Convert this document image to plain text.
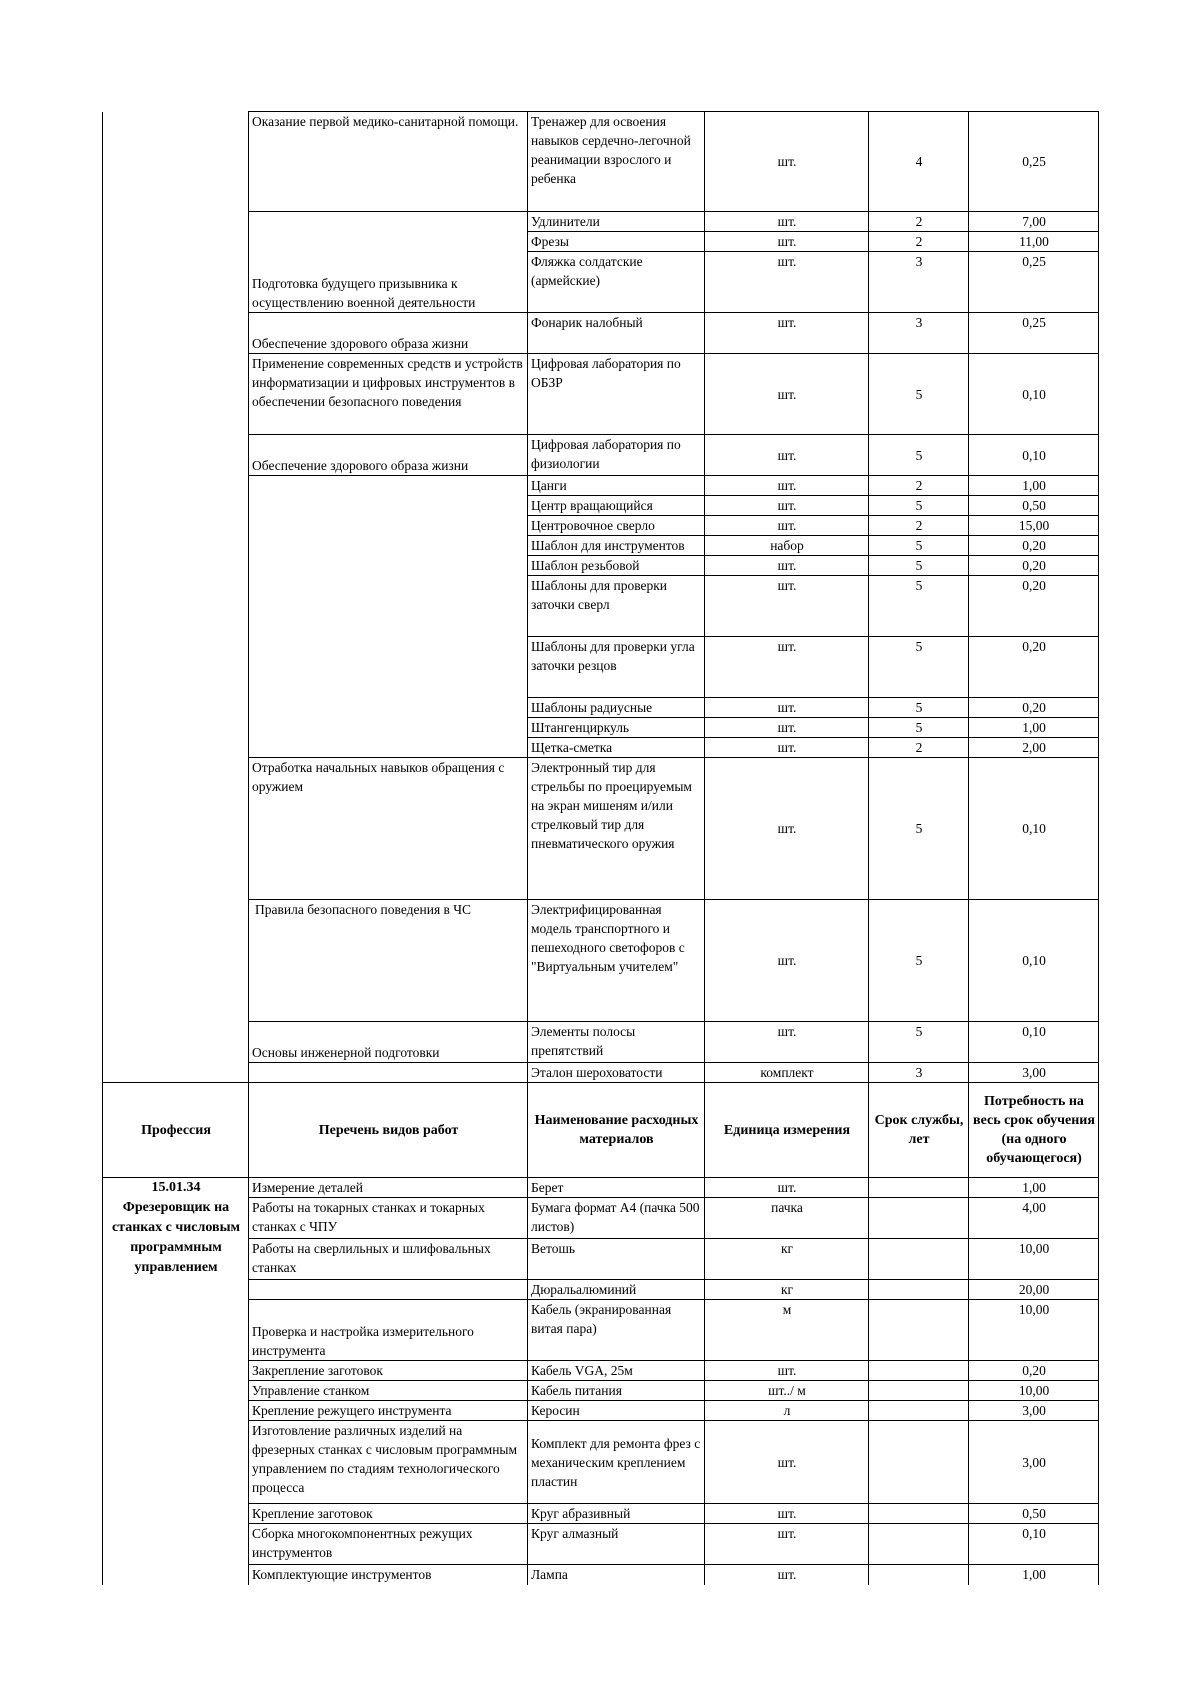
	Оказание первой медико-санитарной помощи.	Тренажер для освоения навыков сердечно-легочной реанимации взрослого и ребенка	шт.	4	0,25
	Подготовка будущего призывника к осуществлению военной деятельности	Удлинители	шт.	2	7,00
		Фрезы	шт.	2	11,00
		Фляжка солдатские (армейские)	шт.	3	0,25
	Обеспечение здорового образа жизни	Фонарик налобный	шт.	3	0,25
	Применение современных средств и устройств информатизации и цифровых инструментов в обеспечении безопасного поведения	Цифровая лаборатория по ОБЗР	шт.	5	0,10
	Обеспечение здорового образа жизни	Цифровая лаборатория по физиологии	шт.	5	0,10
		Цанги	шт.	2	1,00
		Центр вращающийся	шт.	5	0,50
		Центровочное сверло	шт.	2	15,00
		Шаблон для инструментов	набор	5	0,20
		Шаблон резьбовой	шт.	5	0,20
		Шаблоны для проверки заточки сверл	шт.	5	0,20
		Шаблоны для проверки угла заточки резцов	шт.	5	0,20
		Шаблоны радиусные	шт.	5	0,20
		Штангенциркуль	шт.	5	1,00
		Щетка-сметка	шт.	2	2,00
	Отработка начальных навыков обращения с оружием	Электронный тир для стрельбы по проецируемым на экран мишеням и/или стрелковый тир для пневматического оружия	шт.	5	0,10
	Правила безопасного поведения в ЧС	Электрифицированная модель транспортного и пешеходного светофоров с "Виртуальным учителем"	шт.	5	0,10
	Основы инженерной подготовки	Элементы полосы препятствий	шт.	5	0,10
		Эталон шероховатости	комплект	3	3,00
Профессия	Перечень видов работ	Наименование расходных материалов	Единица измерения	Срок службы, лет	Потребность на весь срок обучения (на одного обучающегося)

15.01.34
Фрезеровщик на станках с числовым программным управлением	Измерение деталей	Берет	шт.		1,00
	Работы на токарных станках и токарных станках с ЧПУ	Бумага формат А4 (пачка 500 листов)	пачка		4,00
	Работы на сверлильных и шлифовальных станках	Ветошь	кг		10,00
		Дюральалюминий	кг		20,00
	Проверка и настройка измерительного инструмента	Кабель (экранированная витая пара)	м		10,00
	Закрепление заготовок	Кабель VGA, 25м	шт.		0,20
	Управление станком	Кабель питания	шт../ м		10,00
	Крепление режущего инструмента	Керосин	л		3,00
	Изготовление различных изделий на фрезерных станках с числовым программным управлением по стадиям технологического процесса	Комплект для ремонта фрез с механическим креплением пластин	шт.		3,00
	Крепление заготовок	Круг абразивный	шт.		0,50
	Сборка многокомпонентных режущих инструментов	Круг алмазный	шт.		0,10
	Комплектующие инструментов	Лампа	шт.		1,00
